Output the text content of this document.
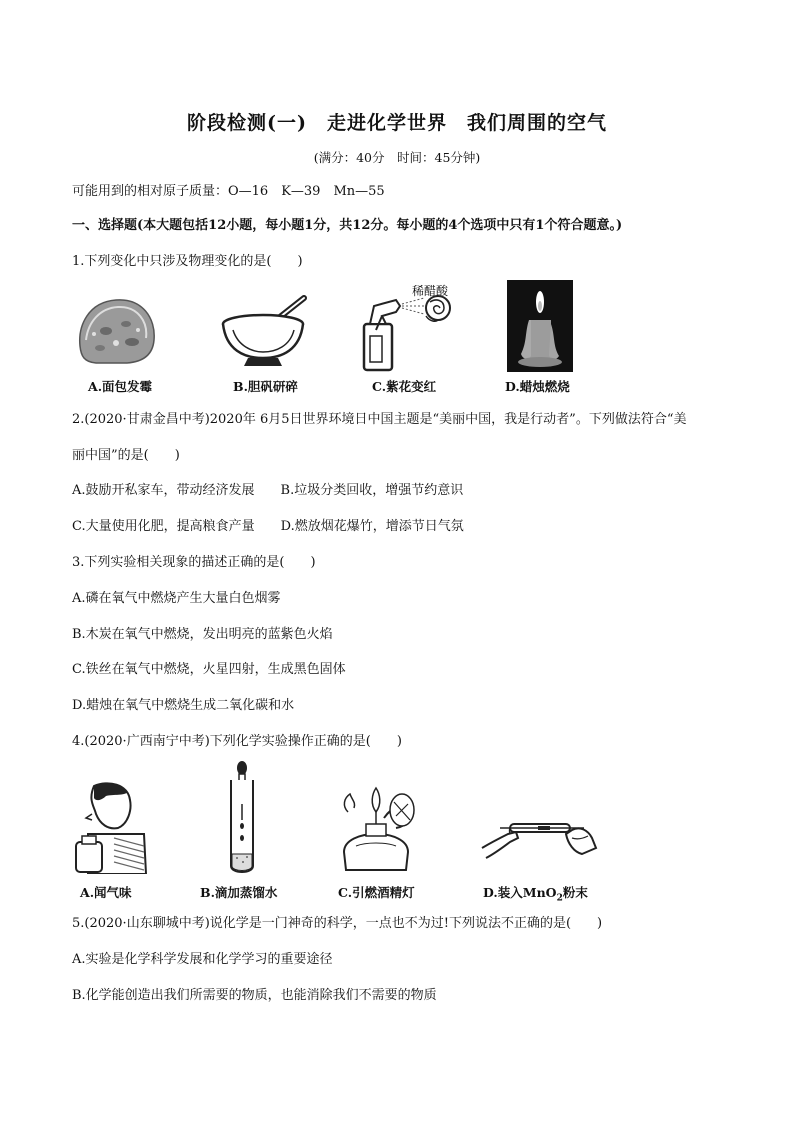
阶段检测(一)　走进化学世界　我们周围的空气
(满分：40分　时间：45分钟)
可能用到的相对原子质量：O—16　K—39　Mn—55
一、选择题(本大题包括12小题，每小题1分，共12分。每小题的4个选项中只有1个符合题意。)
1.下列变化中只涉及物理变化的是(　　)
稀醋酸
A.面包发霉	B.胆矾研碎	C.紫花变红	D.蜡烛燃烧
2.(2020·甘肃金昌中考)2020年 6月5日世界环境日中国主题是“美丽中国，我是行动者”。下列做法符合“美
丽中国”的是(　　)
A.鼓励开私家车，带动经济发展　　B.垃圾分类回收，增强节约意识
C.大量使用化肥，提高粮食产量　　D.燃放烟花爆竹，增添节日气氛
3.下列实验相关现象的描述正确的是(　　)
A.磷在氧气中燃烧产生大量白色烟雾
B.木炭在氧气中燃烧，发出明亮的蓝紫色火焰
C.铁丝在氧气中燃烧，火星四射，生成黑色固体
D.蜡烛在氧气中燃烧生成二氧化碳和水
4.(2020·广西南宁中考)下列化学实验操作正确的是(　　)
A.闻气味	B.滴加蒸馏水	C.引燃酒精灯	D.装入MnO$_2$粉末
5.(2020·山东聊城中考)说化学是一门神奇的科学，一点也不为过!下列说法不正确的是(　　)
A.实验是化学科学发展和化学学习的重要途径
B.化学能创造出我们所需要的物质，也能消除我们不需要的物质
